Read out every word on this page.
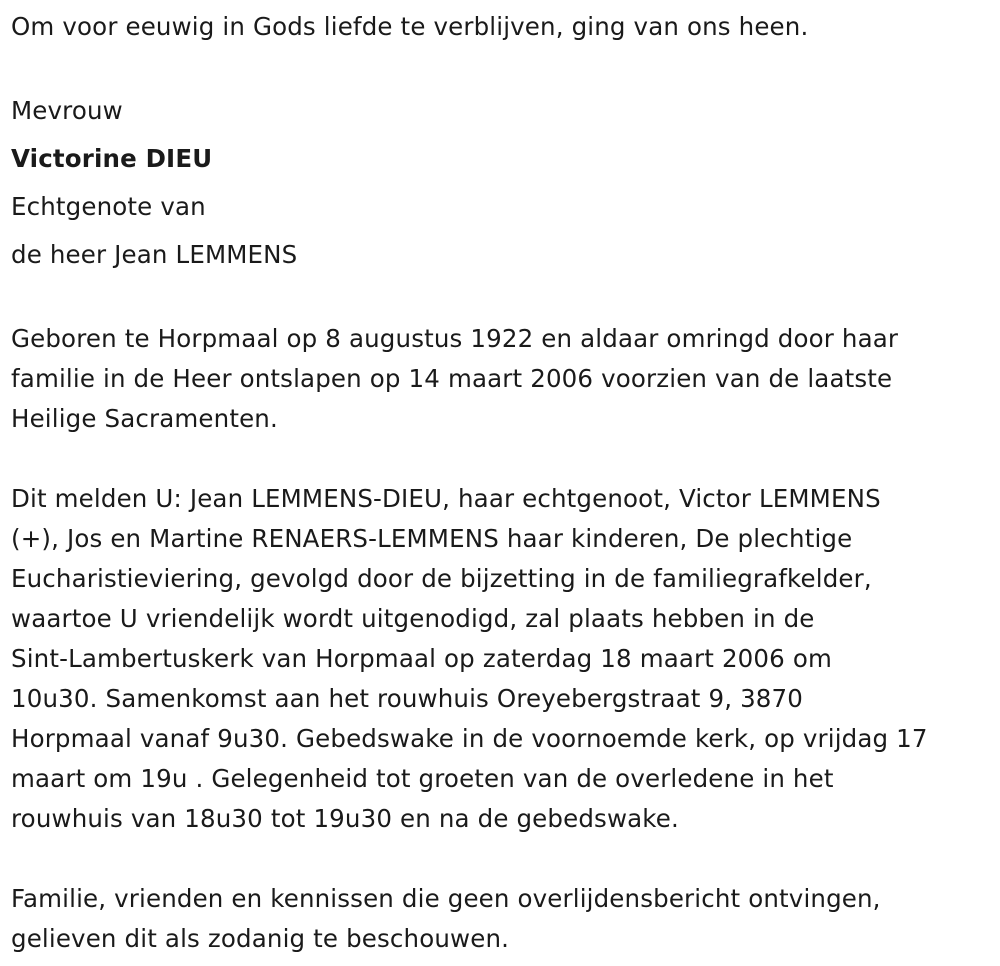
Om voor eeuwig in Gods liefde te verblijven, ging van ons heen.
Mevrouw
Victorine DIEU
Echtgenote van
de heer Jean LEMMENS

Geboren te Horpmaal op 8 augustus 1922 en aldaar omringd door haar
familie in de Heer ontslapen op 14 maart 2006 voorzien van de laatste
Heilige Sacramenten.

Dit melden U: Jean LEMMENS-DIEU, haar echtgenoot, Victor LEMMENS
(+), Jos en Martine RENAERS-LEMMENS haar kinderen, De plechtige
Eucharistieviering, gevolgd door de bijzetting in de familiegrafkelder,
waartoe U vriendelijk wordt uitgenodigd, zal plaats hebben in de
Sint-Lambertuskerk van Horpmaal op zaterdag 18 maart 2006 om
10u30. Samenkomst aan het rouwhuis Oreyebergstraat 9, 3870
Horpmaal vanaf 9u30. Gebedswake in de voornoemde kerk, op vrijdag 17
maart om 19u . Gelegenheid tot groeten van de overledene in het
rouwhuis van 18u30 tot 19u30 en na de gebedswake.

Familie, vrienden en kennissen die geen overlijdensbericht ontvingen,
gelieven dit als zodanig te beschouwen.
